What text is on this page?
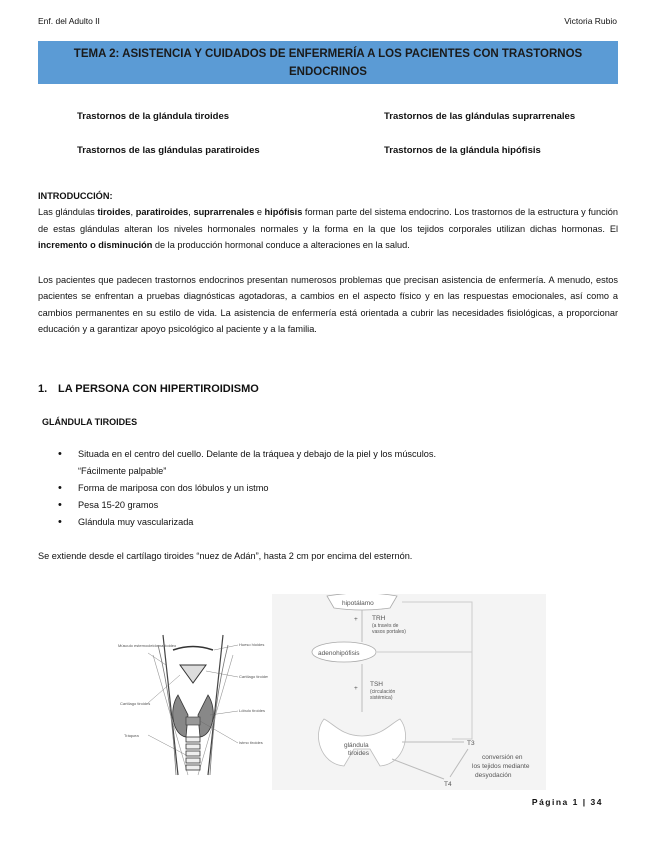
Enf. del Adulto II	Victoria Rubio
TEMA 2: ASISTENCIA Y CUIDADOS DE ENFERMERÍA A LOS PACIENTES CON TRASTORNOS ENDOCRINOS
Trastornos de la glándula tiroides	Trastornos de las glándulas suprarrenales
Trastornos de las glándulas paratiroides	Trastornos de la glándula hipófisis
INTRODUCCIÓN:
Las glándulas tiroides, paratiroides, suprarrenales e hipófisis forman parte del sistema endocrino. Los trastornos de la estructura y función de estas glándulas alteran los niveles hormonales normales y la forma en la que los tejidos corporales utilizan dichas hormonas. El incremento o disminución de la producción hormonal conduce a alteraciones en la salud.
Los pacientes que padecen trastornos endocrinos presentan numerosos problemas que precisan asistencia de enfermería. A menudo, estos pacientes se enfrentan a pruebas diagnósticas agotadoras, a cambios en el aspecto físico y en las respuestas emocionales, así como a cambios permanentes en su estilo de vida. La asistencia de enfermería está orientada a cubrir las necesidades fisiológicas, a proporcionar educación y a garantizar apoyo psicológico al paciente y a la familia.
1. LA PERSONA CON HIPERTIROIDISMO
GLÁNDULA TIROIDES
• Situada en el centro del cuello. Delante de la tráquea y debajo de la piel y los músculos.
“Fácilmente palpable”
• Forma de mariposa con dos lóbulos y un istmo
• Pesa 15-20 gramos
• Glándula muy vascularizada
Se extiende desde el cartílago tiroides “nuez de Adán”, hasta 2 cm por encima del esternón.
Músculo esternocleidomastoideo
Cartílago tiroides
Tráquea
Hueso hioides
Cartílago tiroides
Lóbulo tiroides
Istmo tiroides
hipotálamo
+ TRH
(a través de
vasos portales)
adenohipófisis
+
TSH
(circulación
sistémica)
glándula
tiroides
T3
T4
conversión en
los tejidos mediante
desyodación
Página 1 | 34
